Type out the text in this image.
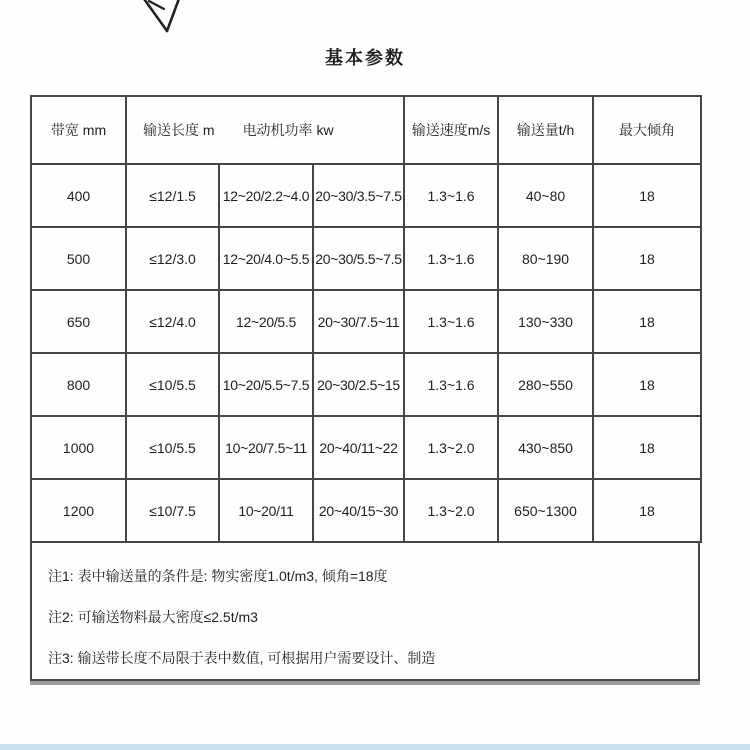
基本参数
带宽 mm	输送长度 m 电动机功率 kw			输送速度m/s	输送量t/h	最大倾角
400	≤12/1.5	12~20/2.2~4.0	20~30/3.5~7.5	1.3~1.6	40~80	18
500	≤12/3.0	12~20/4.0~5.5	20~30/5.5~7.5	1.3~1.6	80~190	18
650	≤12/4.0	12~20/5.5	20~30/7.5~11	1.3~1.6	130~330	18
800	≤10/5.5	10~20/5.5~7.5	20~30/2.5~15	1.3~1.6	280~550	18
1000	≤10/5.5	10~20/7.5~11	20~40/11~22	1.3~2.0	430~850	18
1200	≤10/7.5	10~20/11	20~40/15~30	1.3~2.0	650~1300	18
注1: 表中输送量的条件是: 物实密度1.0t/m3, 倾角=18度
注2: 可输送物料最大密度≤2.5t/m3
注3: 输送带长度不局限于表中数值, 可根据用户需要设计、制造
